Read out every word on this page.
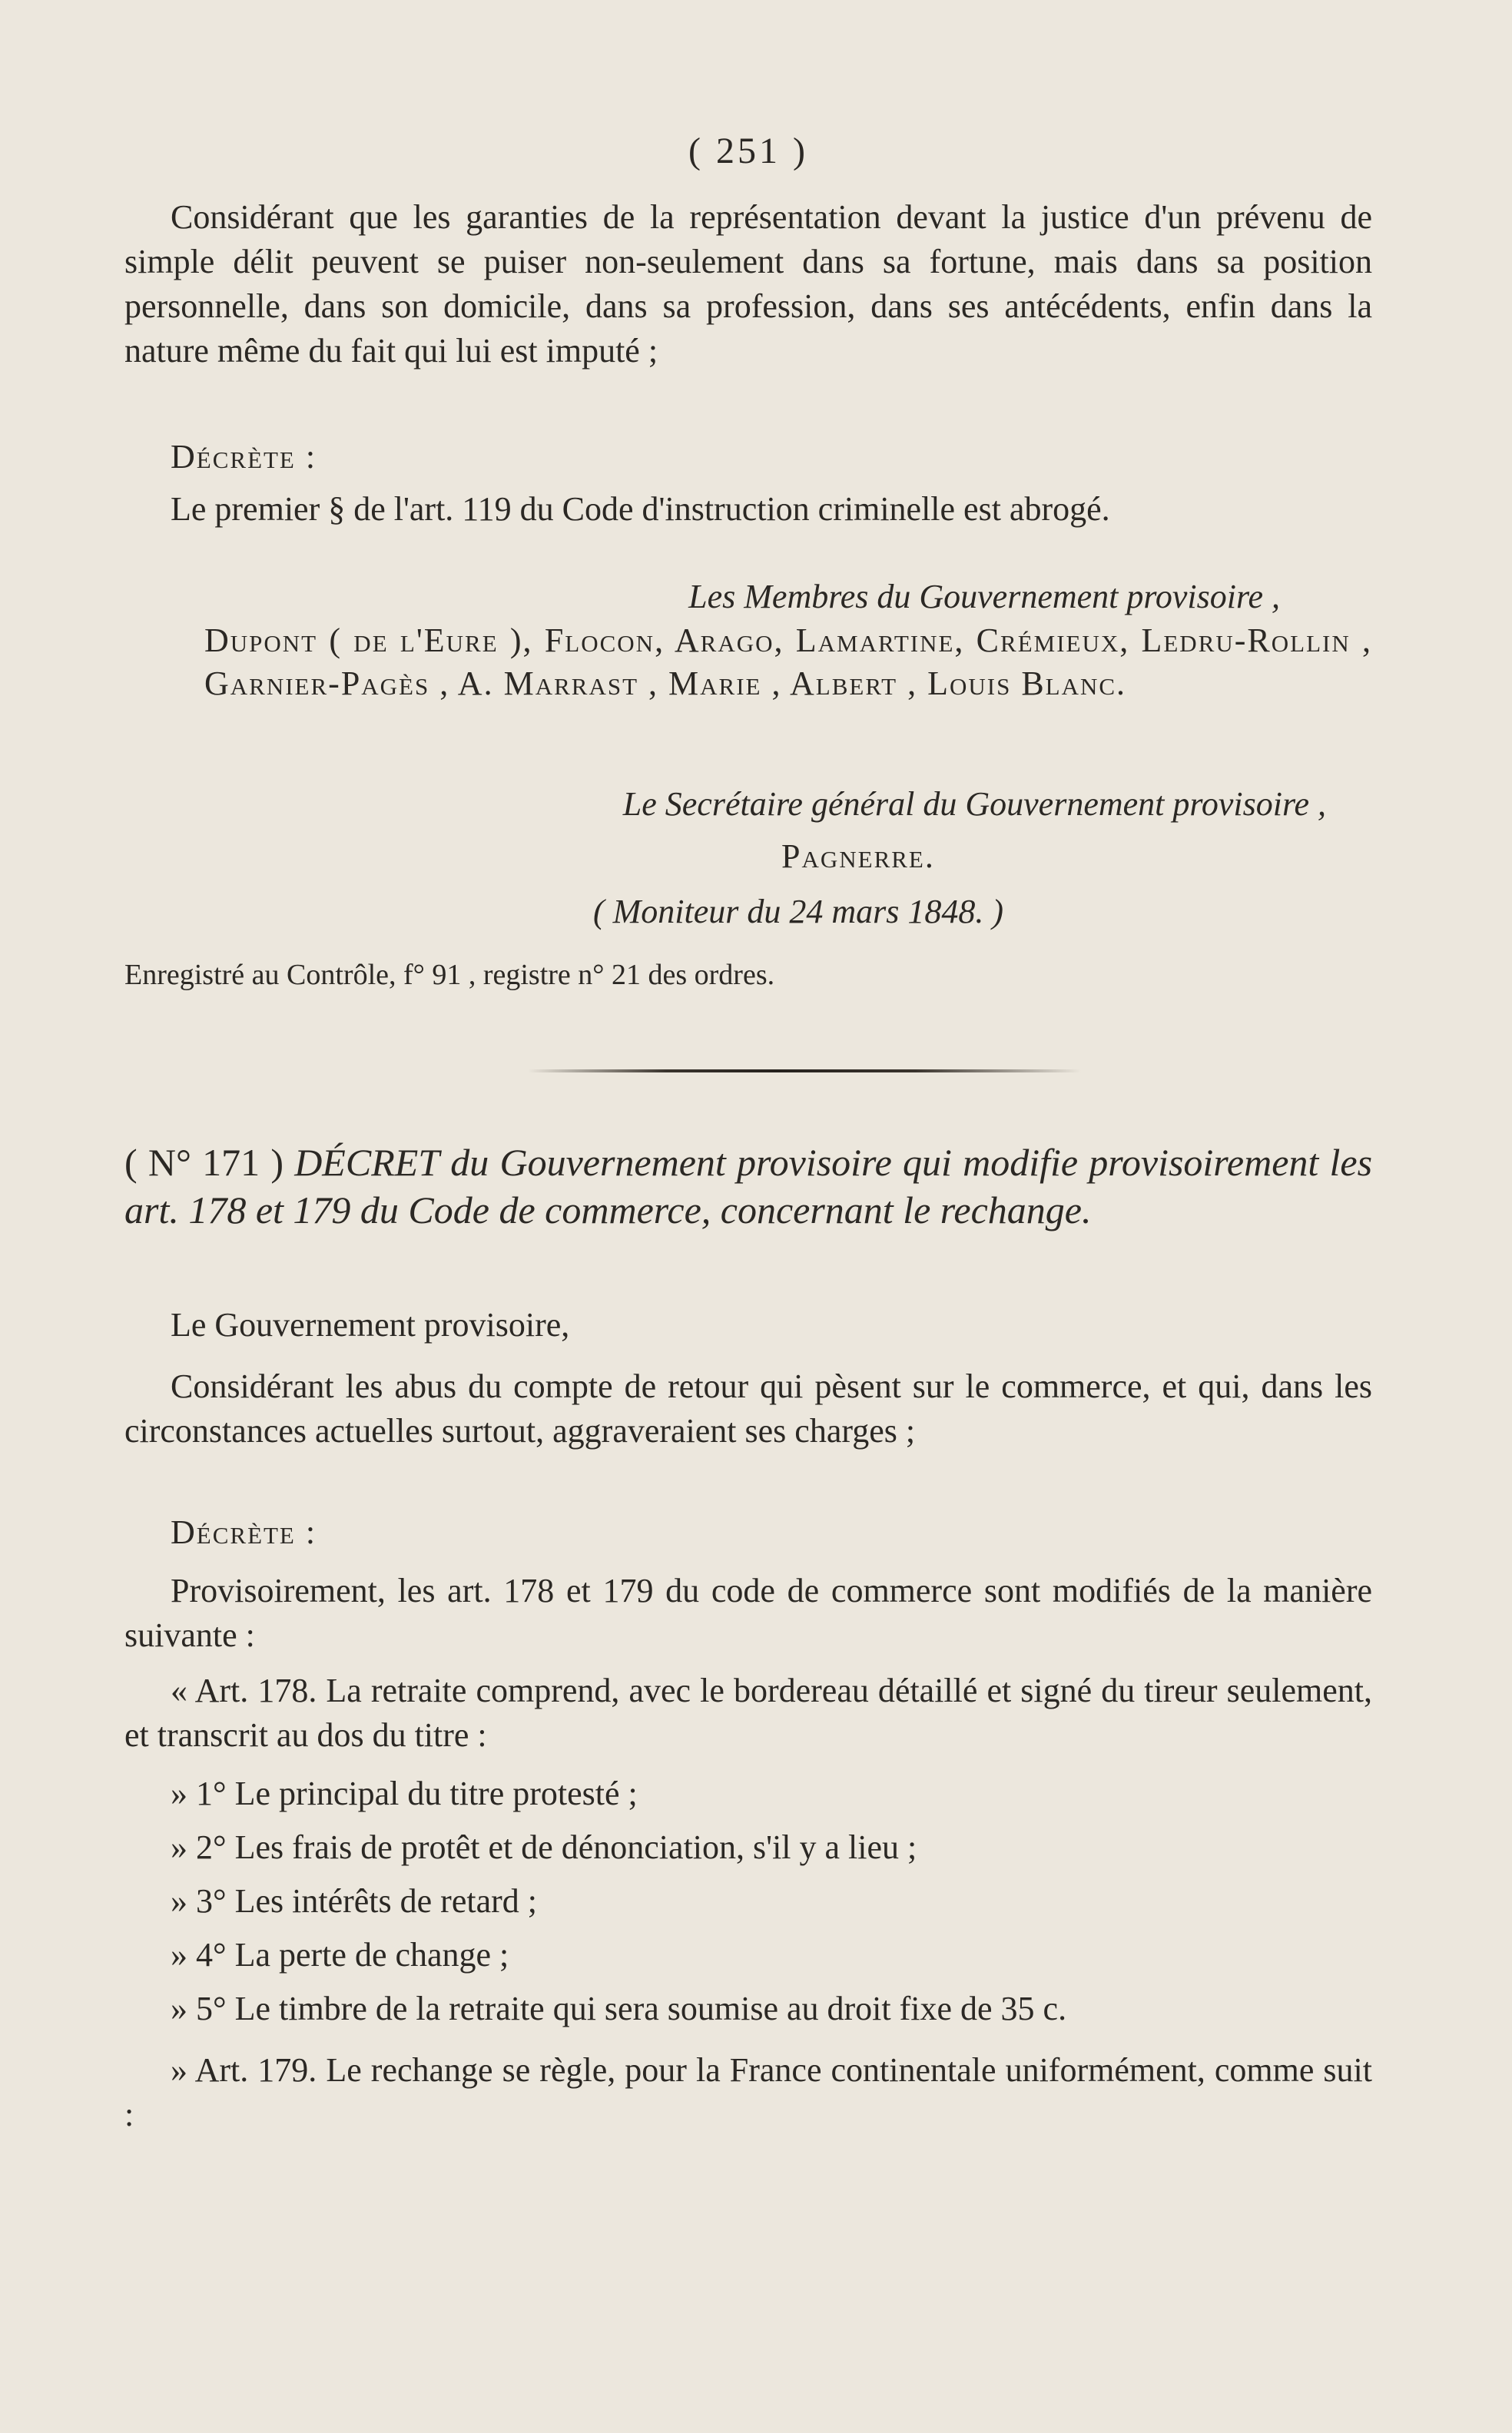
( 251 )
Considérant que les garanties de la représentation devant la justice d'un prévenu de simple délit peuvent se puiser non-seulement dans sa fortune, mais dans sa position personnelle, dans son domicile, dans sa profession, dans ses antécédents, enfin dans la nature même du fait qui lui est imputé ;
Décrète :
Le premier § de l'art. 119 du Code d'instruction criminelle est abrogé.
Les Membres du Gouvernement provisoire ,
Dupont ( de l'Eure ), Flocon, Arago, Lamartine, Crémieux, Ledru-Rollin , Garnier-Pagès , A. Marrast , Marie , Albert , Louis Blanc.
Le Secrétaire général du Gouvernement provisoire ,
Pagnerre.
( Moniteur du 24 mars 1848. )
Enregistré au Contrôle, f° 91 , registre n° 21 des ordres.
( N° 171 ) DÉCRET du Gouvernement provisoire qui modifie provisoirement les art. 178 et 179 du Code de commerce, concernant le rechange.
Le Gouvernement provisoire,
Considérant les abus du compte de retour qui pèsent sur le commerce, et qui, dans les circonstances actuelles surtout, aggraveraient ses charges ;
Décrète :
Provisoirement, les art. 178 et 179 du code de commerce sont modifiés de la manière suivante :
« Art. 178. La retraite comprend, avec le bordereau détaillé et signé du tireur seulement, et transcrit au dos du titre :
» 1° Le principal du titre protesté ;
» 2° Les frais de protêt et de dénonciation, s'il y a lieu ;
» 3° Les intérêts de retard ;
» 4° La perte de change ;
» 5° Le timbre de la retraite qui sera soumise au droit fixe de 35 c.
» Art. 179. Le rechange se règle, pour la France continentale uniformément, comme suit :
